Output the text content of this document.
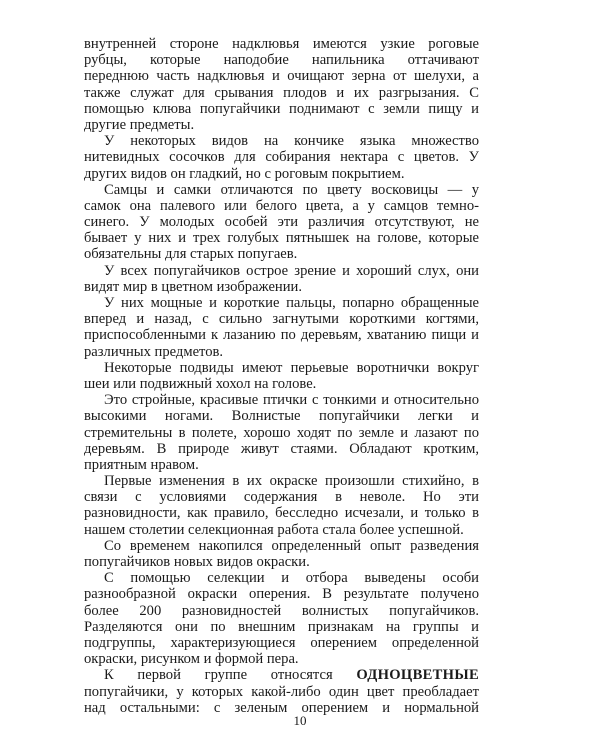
внутренней стороне надклювья имеются узкие роговые
рубцы, которые наподобие напильника оттачивают
переднюю часть надклювья и очищают зерна от шелухи, а
также служат для срывания плодов и их разгрызания. С
помощью клюва попугайчики поднимают с земли пищу и
другие предметы.
У некоторых видов на кончике языка множество
нитевидных сосочков для собирания нектара с цветов. У
других видов он гладкий, но с роговым покрытием.
Самцы и самки отличаются по цвету восковицы — у
самок она палевого или белого цвета, а у самцов темно-
синего. У молодых особей эти различия отсутствуют, не
бывает у них и трех голубых пятнышек на голове, которые
обязательны для старых попугаев.
У всех попугайчиков острое зрение и хороший слух, они
видят мир в цветном изображении.
У них мощные и короткие пальцы, попарно обращенные
вперед и назад, с сильно загнутыми короткими когтями,
приспособленными к лазанию по деревьям, хватанию пищи и
различных предметов.
Некоторые подвиды имеют перьевые воротнички вокруг
шеи или подвижный хохол на голове.
Это стройные, красивые птички с тонкими и относительно
высокими ногами. Волнистые попугайчики легки и
стремительны в полете, хорошо ходят по земле и лазают по
деревьям. В природе живут стаями. Обладают кротким,
приятным нравом.
Первые изменения в их окраске произошли стихийно, в
связи с условиями содержания в неволе. Но эти
разновидности, как правило, бесследно исчезали, и только в
нашем столетии селекционная работа стала более успешной.
Со временем накопился определенный опыт разведения
попугайчиков новых видов окраски.
С помощью селекции и отбора выведены особи
разнообразной окраски оперения. В результате получено
более 200 разновидностей волнистых попугайчиков.
Разделяются они по внешним признакам на группы и
подгруппы, характеризующиеся оперением определенной
окраски, рисунком и формой пера.
К первой группе относятся ОДНОЦВЕТНЫЕ
попугайчики, у которых какой-либо один цвет преобладает
над остальными: с зеленым оперением и нормальной
10
